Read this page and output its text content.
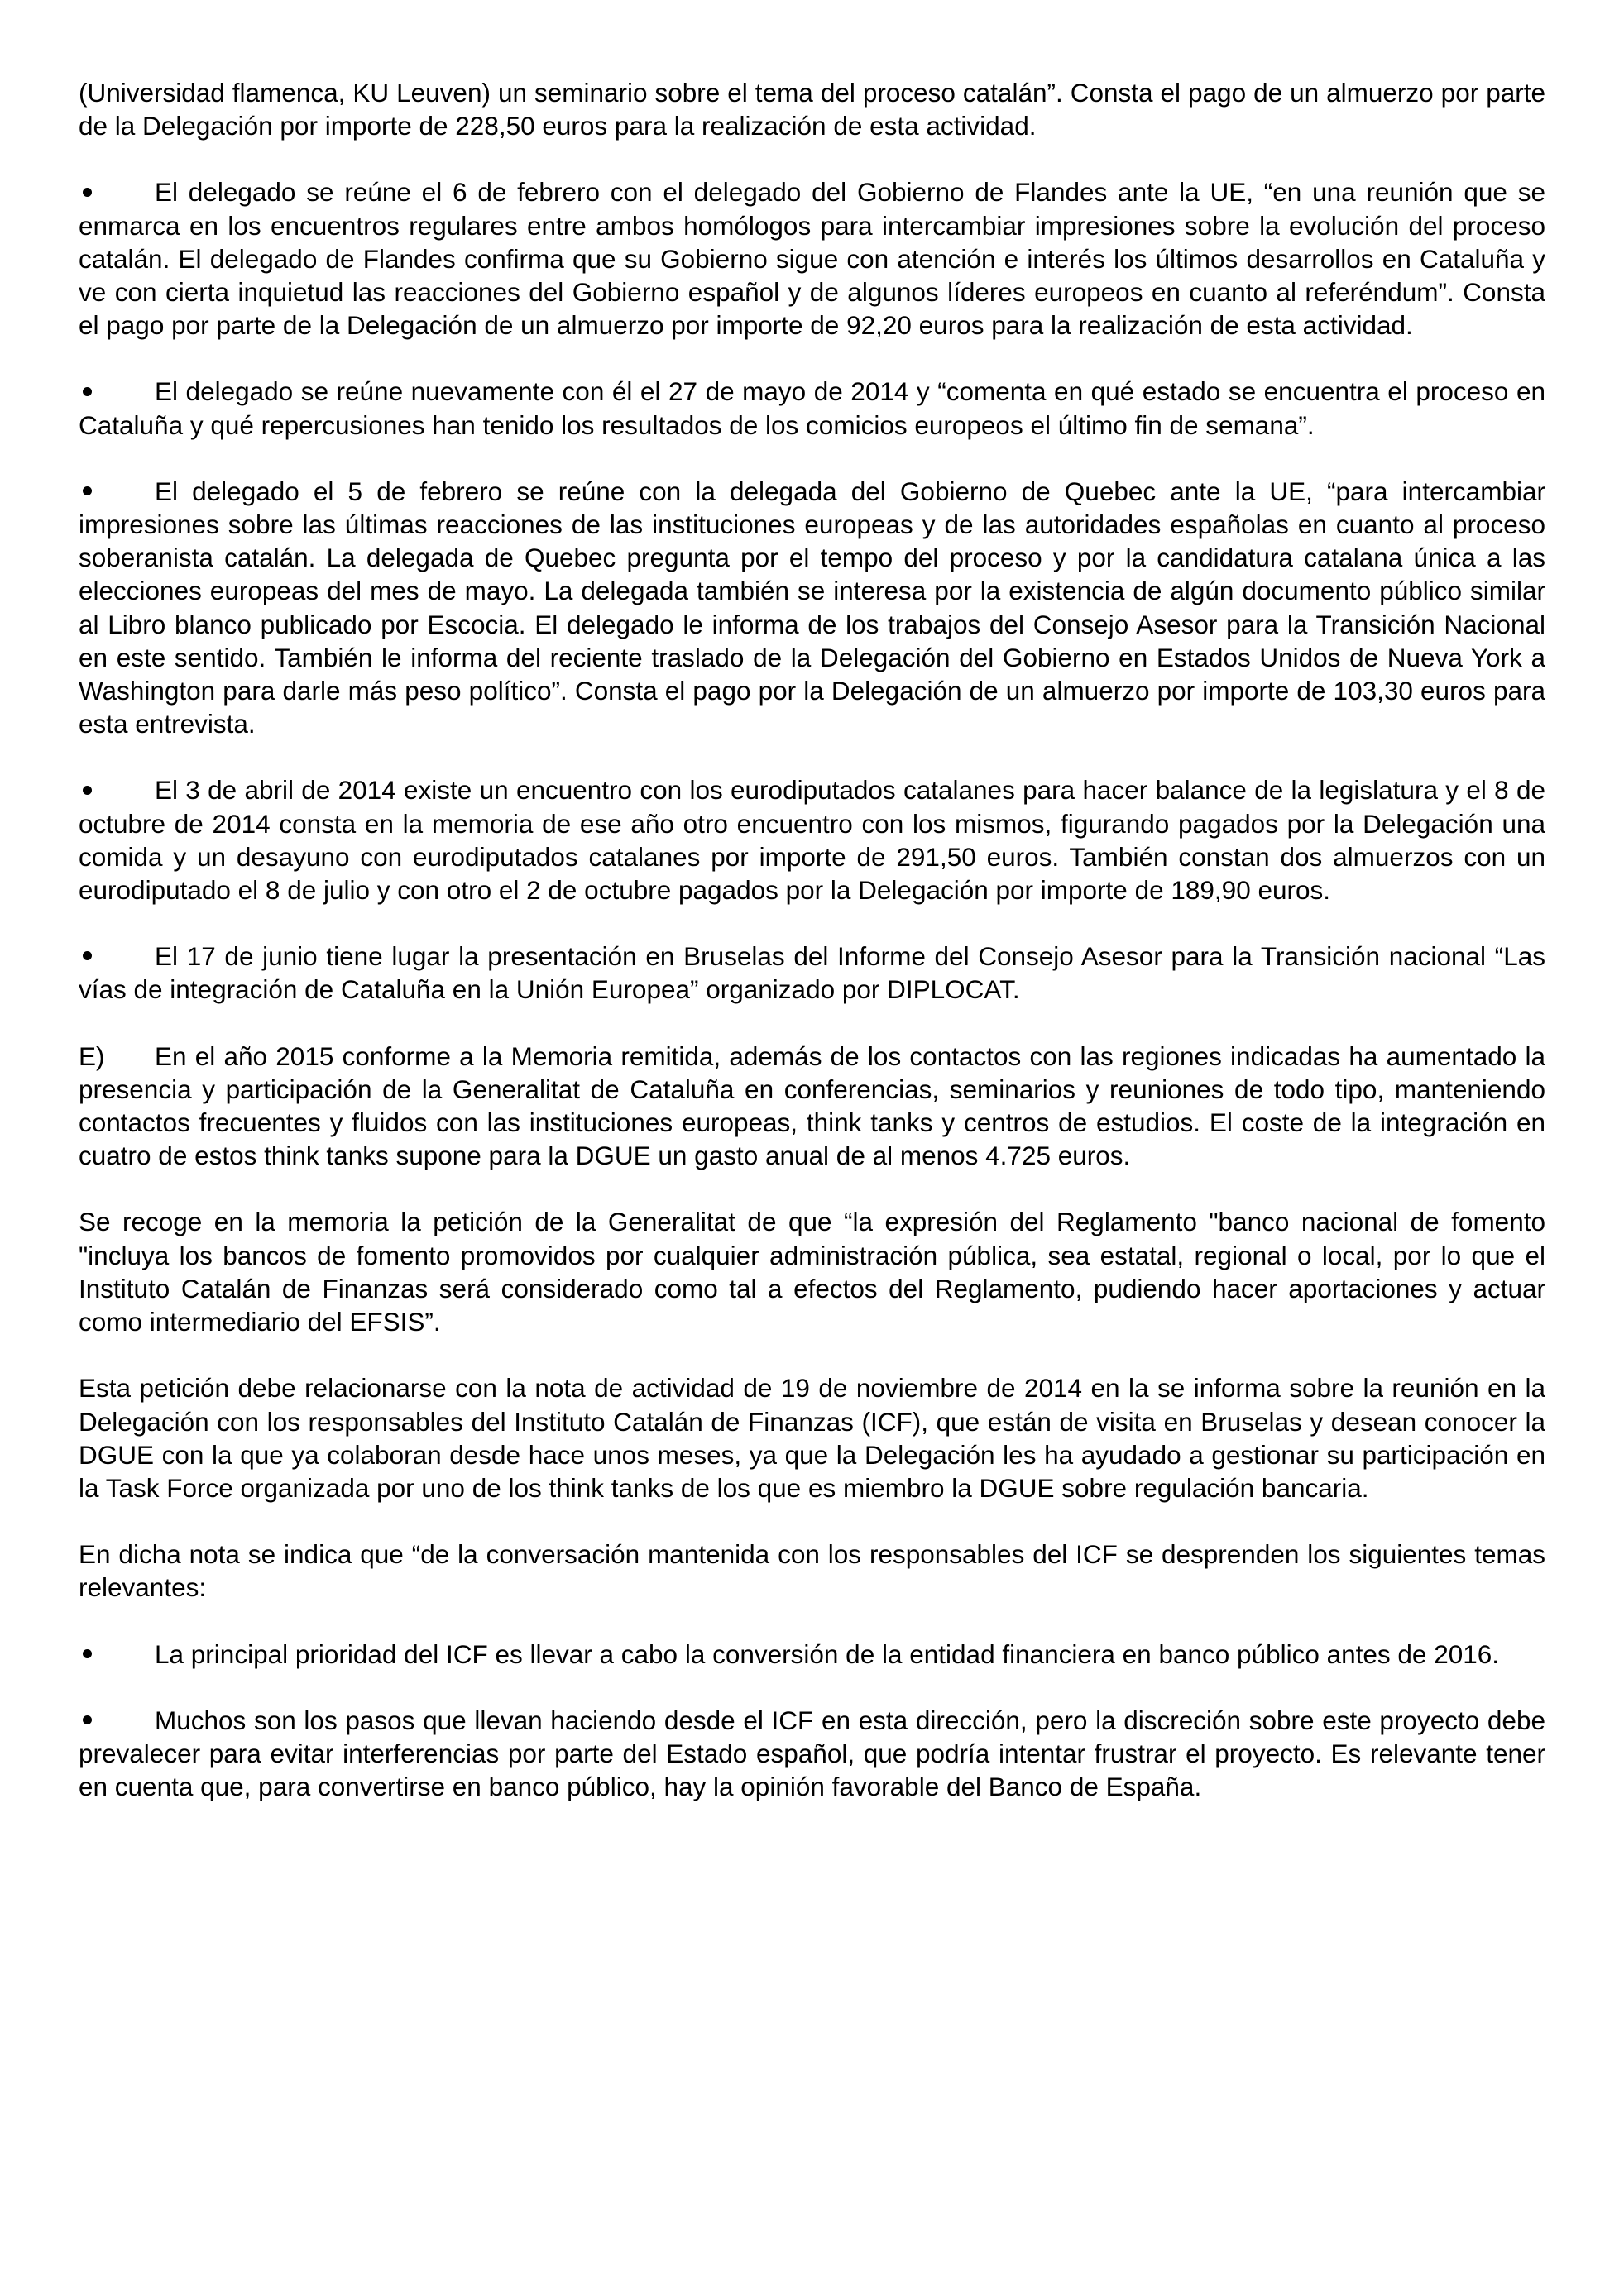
(Universidad flamenca, KU Leuven) un seminario sobre el tema del proceso catalán”. Consta el pago de un almuerzo por parte de la Delegación por importe de 228,50 euros para la realización de esta actividad.

El delegado se reúne el 6 de febrero con el delegado del Gobierno de Flandes ante la UE, “en una reunión que se enmarca en los encuentros regulares entre ambos homólogos para intercambiar impresiones sobre la evolución del proceso catalán. El delegado de Flandes confirma que su Gobierno sigue con atención e interés los últimos desarrollos en Cataluña y ve con cierta inquietud las reacciones del Gobierno español y de algunos líderes europeos en cuanto al referéndum”. Consta el pago por parte de la Delegación de un almuerzo por importe de 92,20 euros para la realización de esta actividad.

El delegado se reúne nuevamente con él el 27 de mayo de 2014 y “comenta en qué estado se encuentra el proceso en Cataluña y qué repercusiones han tenido los resultados de los comicios europeos el último fin de semana”.

El delegado el 5 de febrero se reúne con la delegada del Gobierno de Quebec ante la UE, “para intercambiar impresiones sobre las últimas reacciones de las instituciones europeas y de las autoridades españolas en cuanto al proceso soberanista catalán. La delegada de Quebec pregunta por el tempo del proceso y por la candidatura catalana única a las elecciones europeas del mes de mayo. La delegada también se interesa por la existencia de algún documento público similar al Libro blanco publicado por Escocia. El delegado le informa de los trabajos del Consejo Asesor para la Transición Nacional en este sentido. También le informa del reciente traslado de la Delegación del Gobierno en Estados Unidos de Nueva York a Washington para darle más peso político”. Consta el pago por la Delegación de un almuerzo por importe de 103,30 euros para esta entrevista.

El 3 de abril de 2014 existe un encuentro con los eurodiputados catalanes para hacer balance de la legislatura y el 8 de octubre de 2014 consta en la memoria de ese año otro encuentro con los mismos, figurando pagados por la Delegación una comida y un desayuno con eurodiputados catalanes por importe de 291,50 euros. También constan dos almuerzos con un eurodiputado el 8 de julio y con otro el 2 de octubre pagados por la Delegación por importe de 189,90 euros.

El 17 de junio tiene lugar la presentación en Bruselas del Informe del Consejo Asesor para la Transición nacional “Las vías de integración de Cataluña en la Unión Europea” organizado por DIPLOCAT.

E) En el año 2015 conforme a la Memoria remitida, además de los contactos con las regiones indicadas ha aumentado la presencia y participación de la Generalitat de Cataluña en conferencias, seminarios y reuniones de todo tipo, manteniendo contactos frecuentes y fluidos con las instituciones europeas, think tanks y centros de estudios. El coste de la integración en cuatro de estos think tanks supone para la DGUE un gasto anual de al menos 4.725 euros.

Se recoge en la memoria la petición de la Generalitat de que “la expresión del Reglamento "banco nacional de fomento "incluya los bancos de fomento promovidos por cualquier administración pública, sea estatal, regional o local, por lo que el Instituto Catalán de Finanzas será considerado como tal a efectos del Reglamento, pudiendo hacer aportaciones y actuar como intermediario del EFSIS”.

Esta petición debe relacionarse con la nota de actividad de 19 de noviembre de 2014 en la se informa sobre la reunión en la Delegación con los responsables del Instituto Catalán de Finanzas (ICF), que están de visita en Bruselas y desean conocer la DGUE con la que ya colaboran desde hace unos meses, ya que la Delegación les ha ayudado a gestionar su participación en la Task Force organizada por uno de los think tanks de los que es miembro la DGUE sobre regulación bancaria.

En dicha nota se indica que “de la conversación mantenida con los responsables del ICF se desprenden los siguientes temas relevantes:

La principal prioridad del ICF es llevar a cabo la conversión de la entidad financiera en banco público antes de 2016.

Muchos son los pasos que llevan haciendo desde el ICF en esta dirección, pero la discreción sobre este proyecto debe prevalecer para evitar interferencias por parte del Estado español, que podría intentar frustrar el proyecto. Es relevante tener en cuenta que, para convertirse en banco público, hay la opinión favorable del Banco de España.
